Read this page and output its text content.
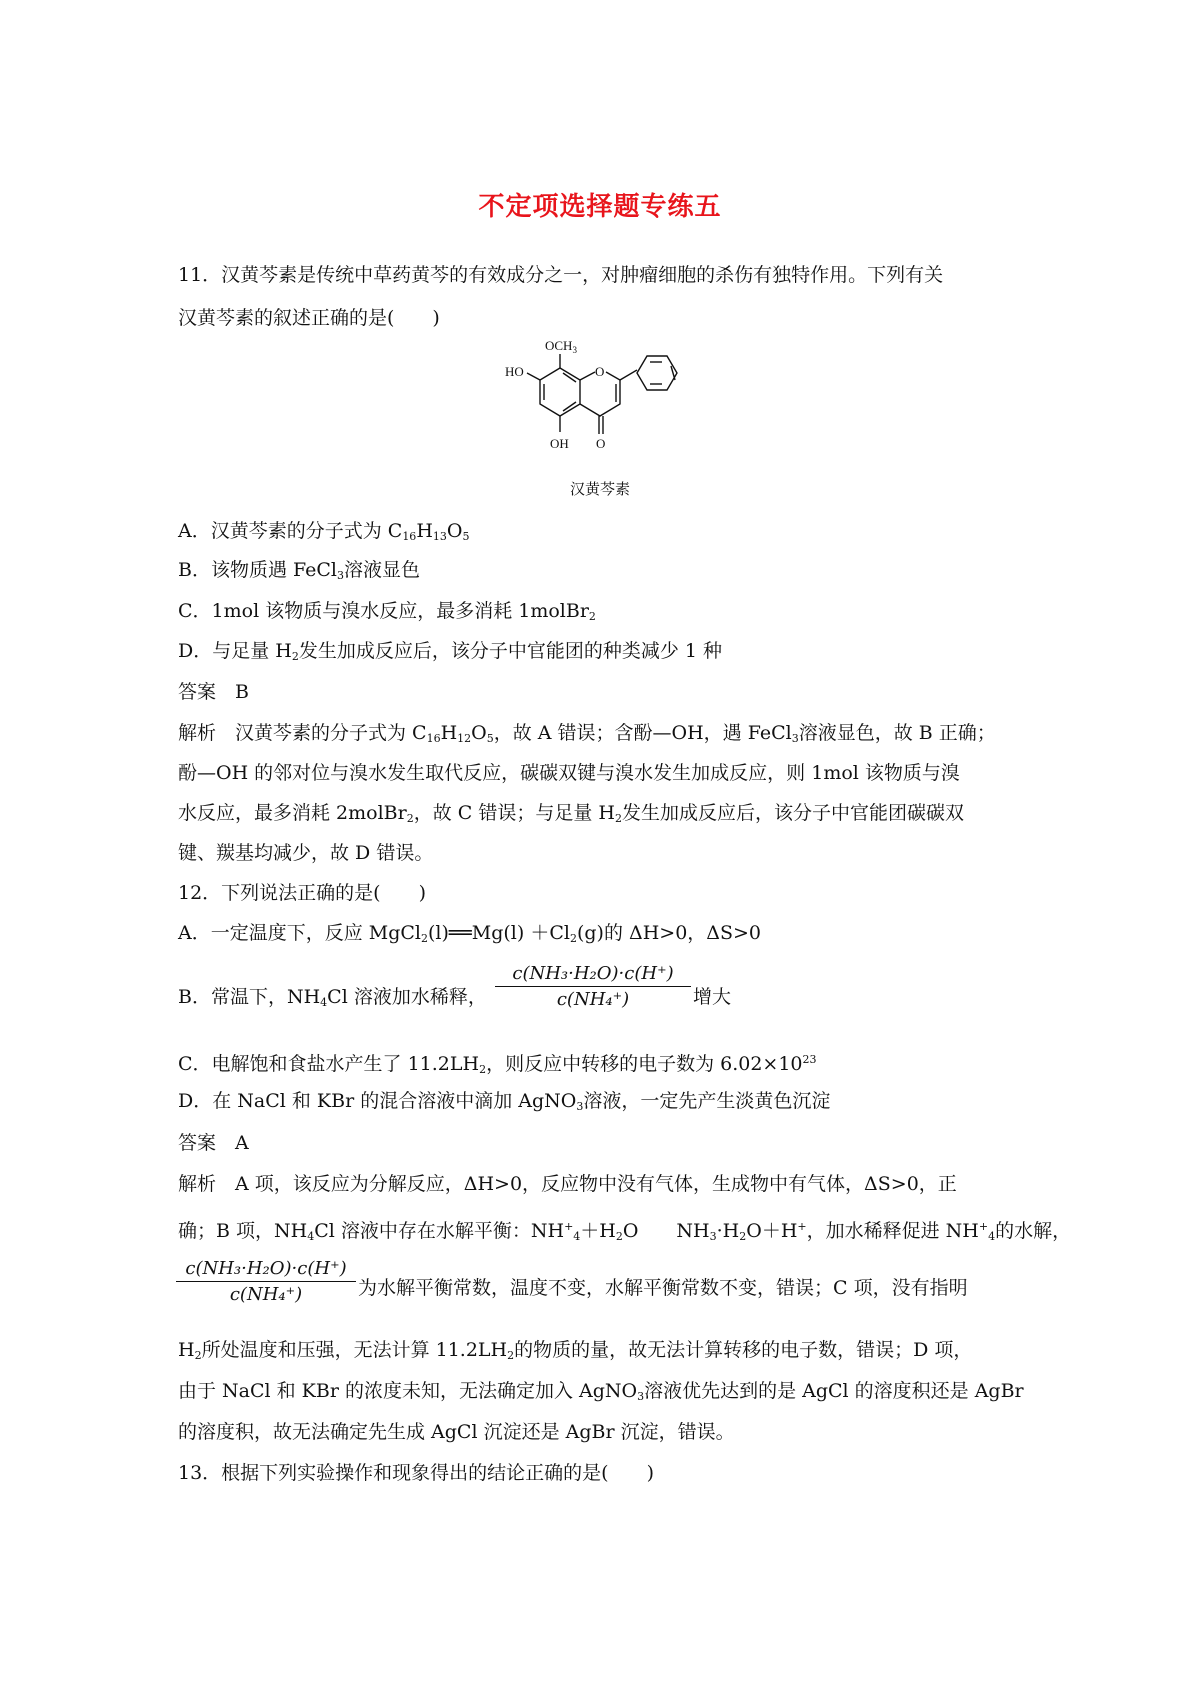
不定项选择题专练五
11．汉黄芩素是传统中草药黄芩的有效成分之一，对肿瘤细胞的杀伤有独特作用。下列有关
汉黄芩素的叙述正确的是(　　)
$OCH_3$
HO	O
O
OH
汉黄芩素
A．汉黄芩素的分子式为 $C_{16}H_{13}O_5$
B．该物质遇 FeCl$_3$溶液显色
C．1mol 该物质与溴水反应，最多消耗 1molBr$_2$
D．与足量 $H_2$发生加成反应后，该分子中官能团的种类减少 1 种
答案　B
解析　汉黄芩素的分子式为 $C_{16}H_{12}O_5$，故 A 错误；含酚—OH，遇 FeCl$_3$溶液显色，故 B 正确；
酚—OH 的邻对位与溴水发生取代反应，碳碳双键与溴水发生加成反应，则 1mol 该物质与溴
水反应，最多消耗 2molBr$_2$，故 C 错误；与足量 $H_2$发生加成反应后，该分子中官能团碳碳双
键、羰基均减少，故 D 错误。
12．下列说法正确的是(　　)
A．一定温度下，反应 MgCl$_2$(l)══Mg(l) $+Cl_2(g)$的 ΔH>0，ΔS>0
B．常温下，$NH_4Cl$ 溶液加水稀释， $\frac{\text{c(NH₃·H₂O)·c(H⁺)}}{\text{c(NH₄⁺)}}$ 增大
C．电解饱和食盐水产生了 $11.2LH_2$，则反应中转移的电子数为 $6.02\times 10^{23}$
D．在 NaCl 和 KBr 的混合溶液中滴加 AgNO$_3$溶液，一定先产生淡黄色沉淀
答案　A
解析　A 项，该反应为分解反应，ΔH>0，反应物中没有气体，生成物中有气体，ΔS>0，正
确；B 项，$NH_4Cl$ 溶液中存在水解平衡：$NH^+_4+H_2O$　　$NH_3\cdot H_2O+H^+$，加水稀释促进 $NH^+_4$的水解，
$\frac{\text{c(NH₃·H₂O)·c(H⁺)}}{\text{c(NH₄⁺)}}$ 为水解平衡常数，温度不变，水解平衡常数不变，错误；C 项，没有指明
$H_2$所处温度和压强，无法计算 $11.2LH_2$的物质的量，故无法计算转移的电子数，错误；D 项，
由于 NaCl 和 KBr 的浓度未知，无法确定加入 AgNO$_3$溶液优先达到的是 AgCl 的溶度积还是 AgBr
的溶度积，故无法确定先生成 AgCl 沉淀还是 AgBr 沉淀，错误。
13．根据下列实验操作和现象得出的结论正确的是(　　)
